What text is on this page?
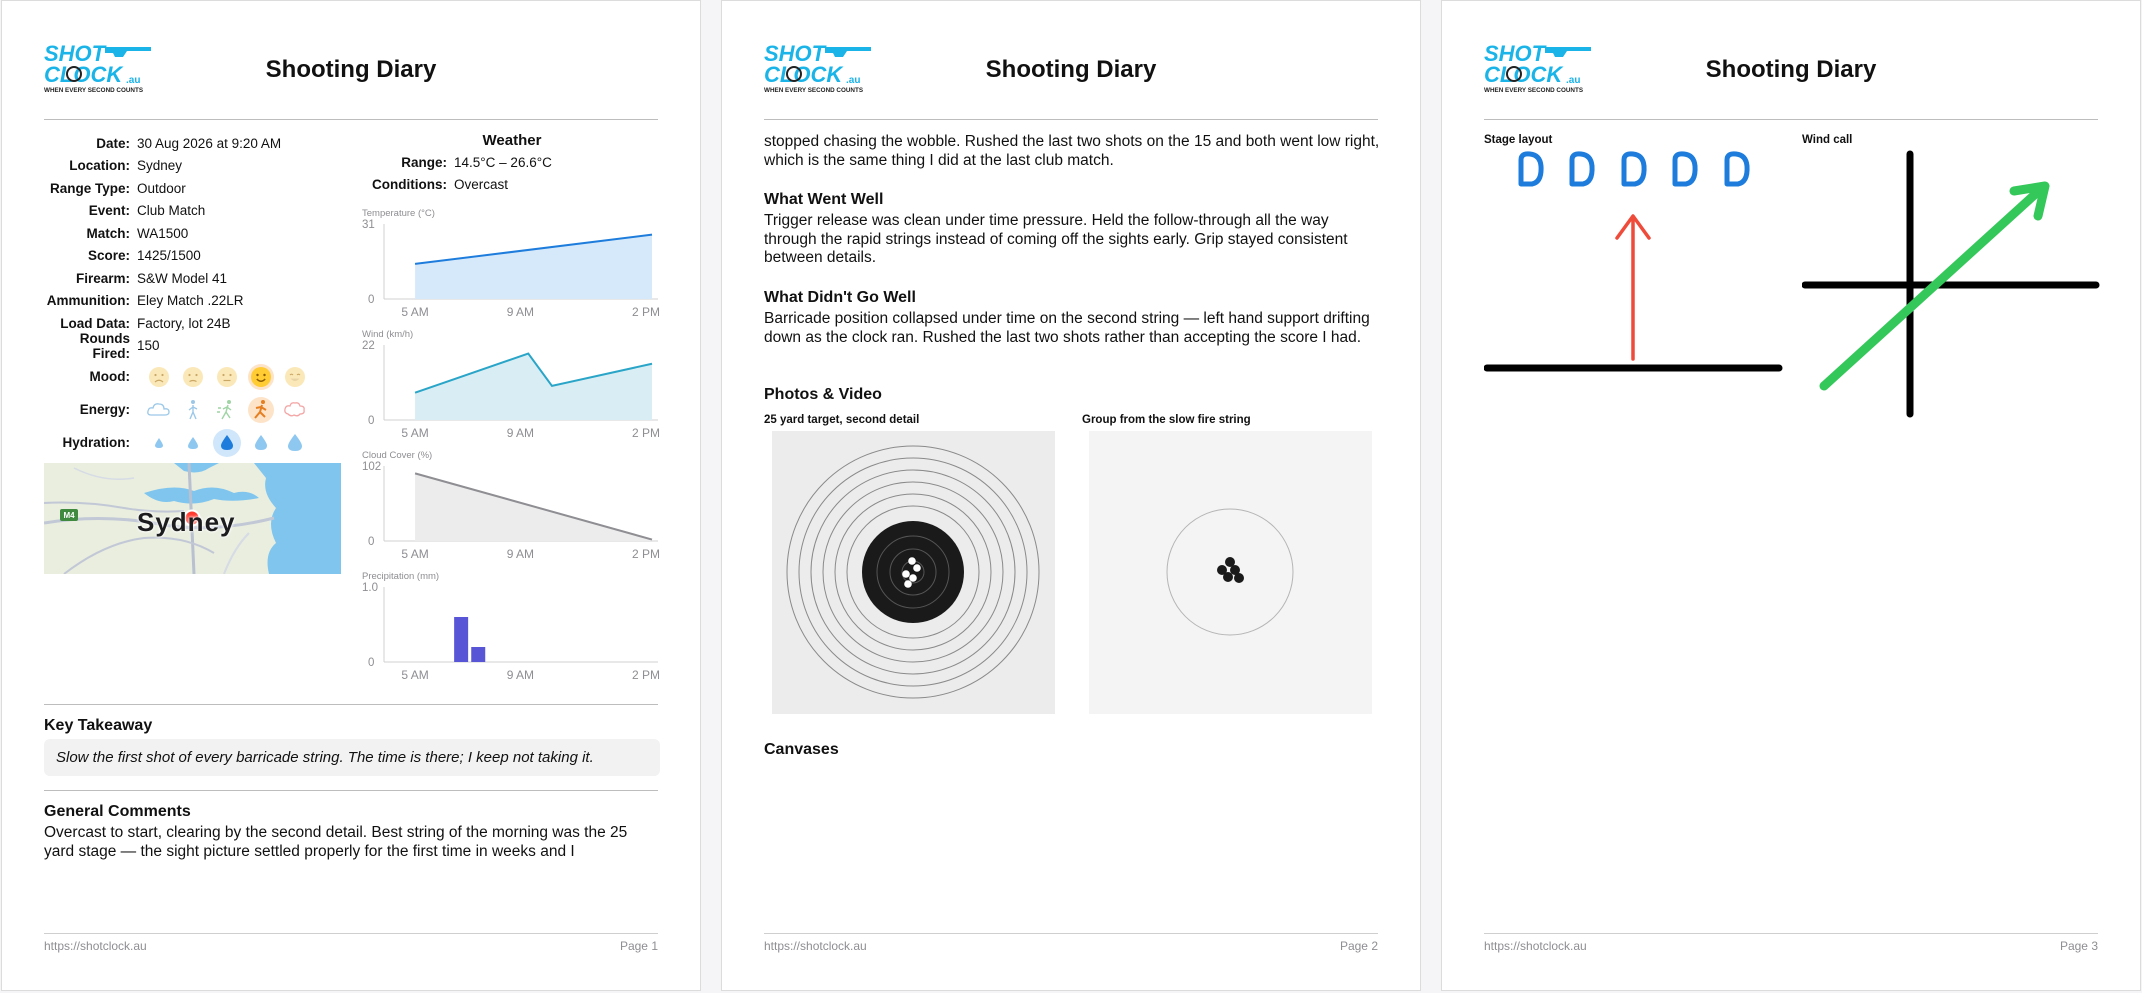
SHOT
CLOCK .au
WHEN EVERY SECOND COUNTS
Shooting Diary
Date: 30 Aug 2026 at 9:20 AM
Location: Sydney
Range Type: Outdoor
Event: Club Match
Match: WA1500
Score: 1425/1500
Firearm: S&W Model 41
Ammunition: Eley Match .22LR
Load Data: Factory, lot 24B
Rounds Fired: 150
Mood:
Energy:
Hydration:
M4 Sydney
Weather
Range: 14.5°C – 26.6°C
Conditions: Overcast
Temperature (°C)
31
0
5 AM	9 AM	2 PM
Wind (km/h)
22
0
5 AM	9 AM	2 PM
Cloud Cover (%)
102
0
5 AM	9 AM	2 PM
Precipitation (mm)
1.0
0
5 AM	9 AM	2 PM
Key Takeaway
Slow the first shot of every barricade string. The time is there; I keep not taking it.
General Comments
Overcast to start, clearing by the second detail. Best string of the morning was the 25 yard stage — the sight picture settled properly for the first time in weeks and I
https://shotclock.au	Page 1
SHOT
CLOCK .au
WHEN EVERY SECOND COUNTS
Shooting Diary
stopped chasing the wobble. Rushed the last two shots on the 15 and both went low right, which is the same thing I did at the last club match.
What Went Well
Trigger release was clean under time pressure. Held the follow-through all the way through the rapid strings instead of coming off the sights early. Grip stayed consistent between details.
What Didn't Go Well
Barricade position collapsed under time on the second string — left hand support drifting down as the clock ran. Rushed the last two shots rather than accepting the score I had.
Photos & Video
25 yard target, second detail	Group from the slow fire string
Canvases
https://shotclock.au	Page 2
SHOT
CLOCK .au
WHEN EVERY SECOND COUNTS
Shooting Diary
Stage layout	Wind call
https://shotclock.au	Page 3
